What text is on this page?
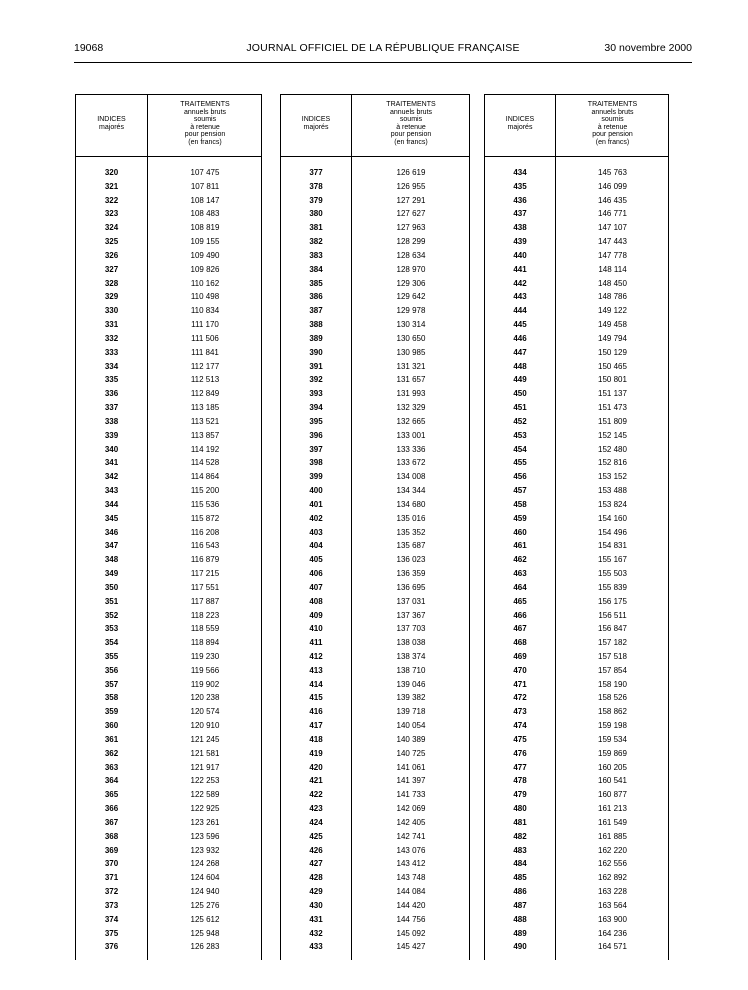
19068	JOURNAL OFFICIEL DE LA RÉPUBLIQUE FRANÇAISE	30 novembre 2000
INDICES
majorés
TRAITEMENTS
annuels bruts
soumis
à retenue
pour pension
(en francs)
320	107 475
321	107 811
322	108 147
323	108 483
324	108 819
325	109 155
326	109 490
327	109 826
328	110 162
329	110 498
330	110 834
331	111 170
332	111 506
333	111 841
334	112 177
335	112 513
336	112 849
337	113 185
338	113 521
339	113 857
340	114 192
341	114 528
342	114 864
343	115 200
344	115 536
345	115 872
346	116 208
347	116 543
348	116 879
349	117 215
350	117 551
351	117 887
352	118 223
353	118 559
354	118 894
355	119 230
356	119 566
357	119 902
358	120 238
359	120 574
360	120 910
361	121 245
362	121 581
363	121 917
364	122 253
365	122 589
366	122 925
367	123 261
368	123 596
369	123 932
370	124 268
371	124 604
372	124 940
373	125 276
374	125 612
375	125 948
376	126 283
INDICES
majorés
TRAITEMENTS
annuels bruts
soumis
à retenue
pour pension
(en francs)
377	126 619
378	126 955
379	127 291
380	127 627
381	127 963
382	128 299
383	128 634
384	128 970
385	129 306
386	129 642
387	129 978
388	130 314
389	130 650
390	130 985
391	131 321
392	131 657
393	131 993
394	132 329
395	132 665
396	133 001
397	133 336
398	133 672
399	134 008
400	134 344
401	134 680
402	135 016
403	135 352
404	135 687
405	136 023
406	136 359
407	136 695
408	137 031
409	137 367
410	137 703
411	138 038
412	138 374
413	138 710
414	139 046
415	139 382
416	139 718
417	140 054
418	140 389
419	140 725
420	141 061
421	141 397
422	141 733
423	142 069
424	142 405
425	142 741
426	143 076
427	143 412
428	143 748
429	144 084
430	144 420
431	144 756
432	145 092
433	145 427
INDICES
majorés
TRAITEMENTS
annuels bruts
soumis
à retenue
pour pension
(en francs)
434	145 763
435	146 099
436	146 435
437	146 771
438	147 107
439	147 443
440	147 778
441	148 114
442	148 450
443	148 786
444	149 122
445	149 458
446	149 794
447	150 129
448	150 465
449	150 801
450	151 137
451	151 473
452	151 809
453	152 145
454	152 480
455	152 816
456	153 152
457	153 488
458	153 824
459	154 160
460	154 496
461	154 831
462	155 167
463	155 503
464	155 839
465	156 175
466	156 511
467	156 847
468	157 182
469	157 518
470	157 854
471	158 190
472	158 526
473	158 862
474	159 198
475	159 534
476	159 869
477	160 205
478	160 541
479	160 877
480	161 213
481	161 549
482	161 885
483	162 220
484	162 556
485	162 892
486	163 228
487	163 564
488	163 900
489	164 236
490	164 571
